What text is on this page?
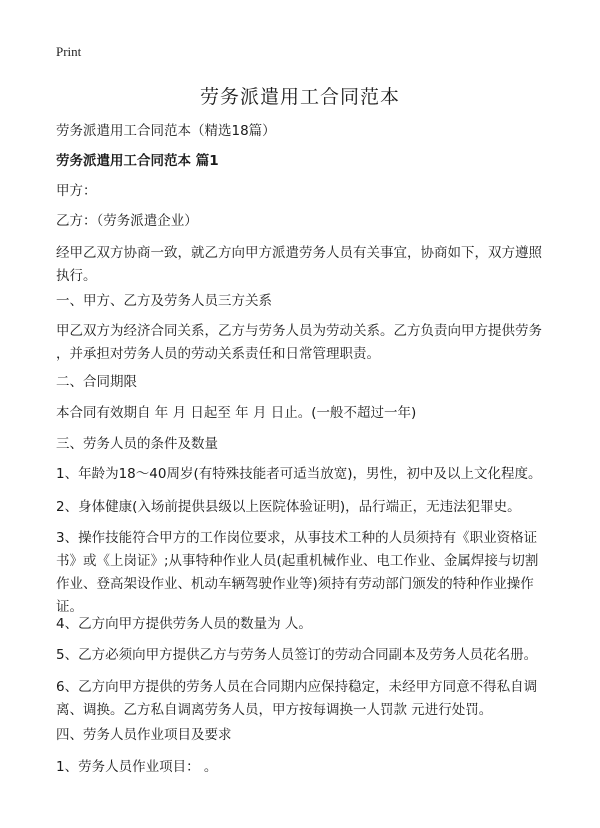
Print
劳务派遣用工合同范本
劳务派遣用工合同范本（精选18篇）
劳务派遣用工合同范本 篇1
甲方：
乙方：（劳务派遣企业）
经甲乙双方协商一致，就乙方向甲方派遣劳务人员有关事宜，协商如下，双方遵照
执行。
一、甲方、乙方及劳务人员三方关系
甲乙双方为经济合同关系，乙方与劳务人员为劳动关系。乙方负责向甲方提供劳务
，并承担对劳务人员的劳动关系责任和日常管理职责。
二、合同期限
本合同有效期自 年 月 日起至 年 月 日止。(一般不超过一年)
三、劳务人员的条件及数量
1、年龄为18～40周岁(有特殊技能者可适当放宽)，男性，初中及以上文化程度。
2、身体健康(入场前提供县级以上医院体验证明)，品行端正，无违法犯罪史。
3、操作技能符合甲方的工作岗位要求，从事技术工种的人员须持有《职业资格证
书》或《上岗证》;从事特种作业人员(起重机械作业、电工作业、金属焊接与切割
作业、登高架设作业、机动车辆驾驶作业等)须持有劳动部门颁发的特种作业操作
证。
4、乙方向甲方提供劳务人员的数量为 人。
5、乙方必须向甲方提供乙方与劳务人员签订的劳动合同副本及劳务人员花名册。
6、乙方向甲方提供的劳务人员在合同期内应保持稳定，未经甲方同意不得私自调
离、调换。乙方私自调离劳务人员，甲方按每调换一人罚款 元进行处罚。
四、劳务人员作业项目及要求
1、劳务人员作业项目： 。
